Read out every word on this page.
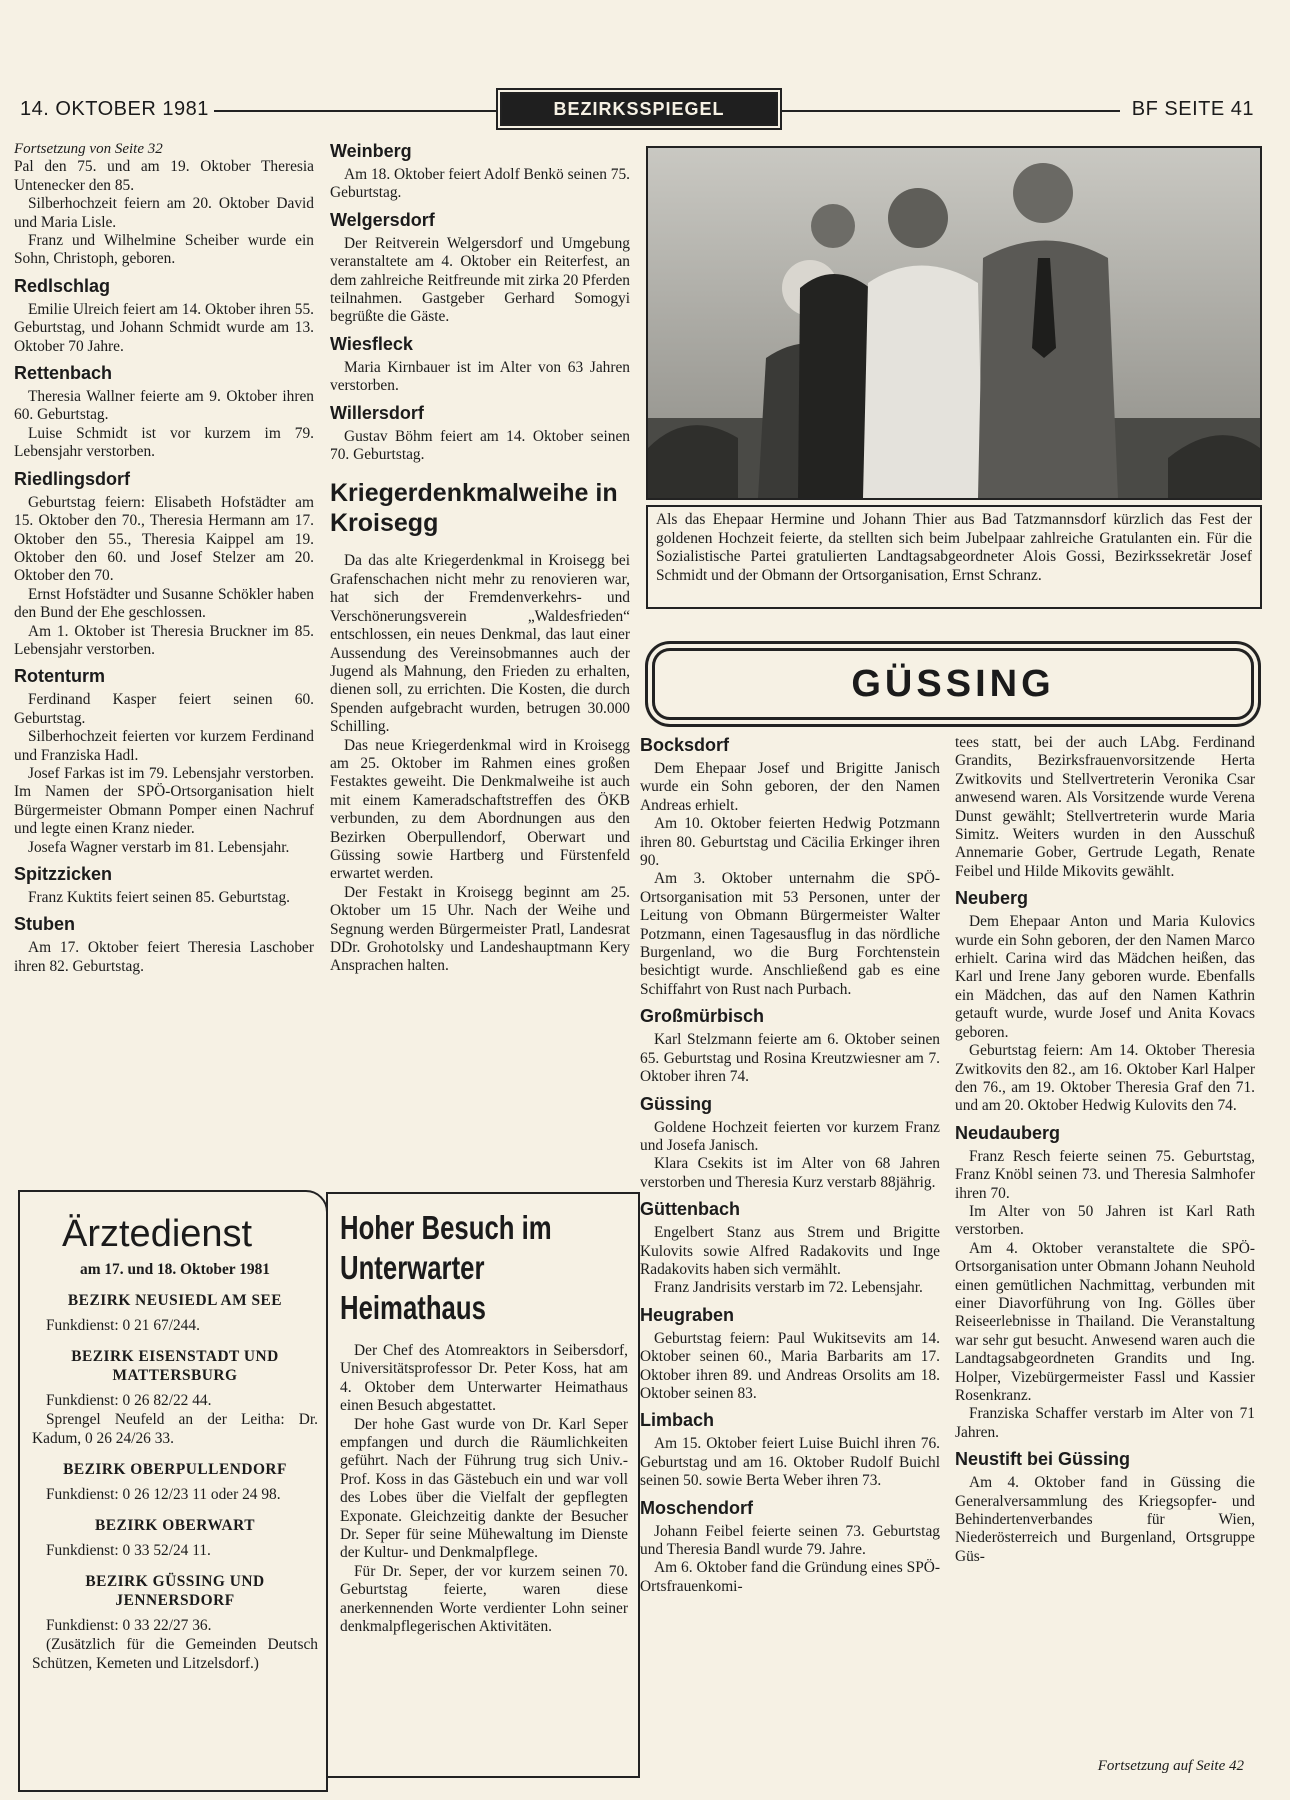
14. OKTOBER 1981	BEZIRKSSPIEGEL	BF SEITE 41

Fortsetzung von Seite 32

Pal den 75. und am 19. Oktober Theresia Untenecker den 85.

Silberhochzeit feiern am 20. Oktober David und Maria Lisle.

Franz und Wilhelmine Scheiber wurde ein Sohn, Christoph, geboren.

Redlschlag

Emilie Ulreich feiert am 14. Oktober ihren 55. Geburtstag, und Johann Schmidt wurde am 13. Oktober 70 Jahre.

Rettenbach

Theresia Wallner feierte am 9. Oktober ihren 60. Geburtstag.

Luise Schmidt ist vor kurzem im 79. Lebensjahr verstorben.

Riedlingsdorf

Geburtstag feiern: Elisabeth Hofstädter am 15. Oktober den 70., Theresia Hermann am 17. Oktober den 55., Theresia Kaippel am 19. Oktober den 60. und Josef Stelzer am 20. Oktober den 70.

Ernst Hofstädter und Susanne Schökler haben den Bund der Ehe geschlossen.

Am 1. Oktober ist Theresia Bruckner im 85. Lebensjahr verstorben.

Rotenturm

Ferdinand Kasper feiert seinen 60. Geburtstag.

Silberhochzeit feierten vor kurzem Ferdinand und Franziska Hadl.

Josef Farkas ist im 79. Lebensjahr verstorben. Im Namen der SPÖ-Ortsorganisation hielt Bürgermeister Obmann Pomper einen Nachruf und legte einen Kranz nieder.

Josefa Wagner verstarb im 81. Lebensjahr.

Spitzzicken

Franz Kuktits feiert seinen 85. Geburtstag.

Stuben

Am 17. Oktober feiert Theresia Laschober ihren 82. Geburtstag.

Ärztedienst
am 17. und 18. Oktober 1981
BEZIRK NEUSIEDL AM SEE

Funkdienst: 0 21 67/244.

BEZIRK EISENSTADT UND MATTERSBURG

Funkdienst: 0 26 82/22 44.

Sprengel Neufeld an der Leitha: Dr. Kadum, 0 26 24/26 33.

BEZIRK OBERPULLENDORF

Funkdienst: 0 26 12/23 11 oder 24 98.

BEZIRK OBERWART

Funkdienst: 0 33 52/24 11.

BEZIRK GÜSSING UND JENNERSDORF

Funkdienst: 0 33 22/27 36.

(Zusätzlich für die Gemeinden Deutsch Schützen, Kemeten und Litzelsdorf.)

Weinberg

Am 18. Oktober feiert Adolf Benkö seinen 75. Geburtstag.

Welgersdorf

Der Reitverein Welgersdorf und Umgebung veranstaltete am 4. Oktober ein Reiterfest, an dem zahlreiche Reitfreunde mit zirka 20 Pferden teilnahmen. Gastgeber Gerhard Somogyi begrüßte die Gäste.

Wiesfleck

Maria Kirnbauer ist im Alter von 63 Jahren verstorben.

Willersdorf

Gustav Böhm feiert am 14. Oktober seinen 70. Geburtstag.

Kriegerdenkmalweihe in Kroisegg

Da das alte Kriegerdenkmal in Kroisegg bei Grafenschachen nicht mehr zu renovieren war, hat sich der Fremdenverkehrs- und Verschönerungsverein „Waldesfrieden“ entschlossen, ein neues Denkmal, das laut einer Aussendung des Vereinsobmannes auch der Jugend als Mahnung, den Frieden zu erhalten, dienen soll, zu errichten. Die Kosten, die durch Spenden aufgebracht wurden, betrugen 30.000 Schilling.

Das neue Kriegerdenkmal wird in Kroisegg am 25. Oktober im Rahmen eines großen Festaktes geweiht. Die Denkmalweihe ist auch mit einem Kameradschaftstreffen des ÖKB verbunden, zu dem Abordnungen aus den Bezirken Oberpullendorf, Oberwart und Güssing sowie Hartberg und Fürstenfeld erwartet werden.

Der Festakt in Kroisegg beginnt am 25. Oktober um 15 Uhr. Nach der Weihe und Segnung werden Bürgermeister Pratl, Landesrat DDr. Grohotolsky und Landeshauptmann Kery Ansprachen halten.

Hoher Besuch im Unterwarter Heimathaus

Der Chef des Atomreaktors in Seibersdorf, Universitätsprofessor Dr. Peter Koss, hat am 4. Oktober dem Unterwarter Heimathaus einen Besuch abgestattet.

Der hohe Gast wurde von Dr. Karl Seper empfangen und durch die Räumlichkeiten geführt. Nach der Führung trug sich Univ.-Prof. Koss in das Gästebuch ein und war voll des Lobes über die Vielfalt der gepflegten Exponate. Gleichzeitig dankte der Besucher Dr. Seper für seine Mühewaltung im Dienste der Kultur- und Denkmalpflege.

Für Dr. Seper, der vor kurzem seinen 70. Geburtstag feierte, waren diese anerkennenden Worte verdienter Lohn seiner denkmalpflegerischen Aktivitäten.

Als das Ehepaar Hermine und Johann Thier aus Bad Tatzmannsdorf kürzlich das Fest der goldenen Hochzeit feierte, da stellten sich beim Jubelpaar zahlreiche Gratulanten ein. Für die Sozialistische Partei gratulierten Landtagsabgeordneter Alois Gossi, Bezirkssekretär Josef Schmidt und der Obmann der Ortsorganisation, Ernst Schranz.
GÜSSING
Bocksdorf

Dem Ehepaar Josef und Brigitte Janisch wurde ein Sohn geboren, der den Namen Andreas erhielt.

Am 10. Oktober feierten Hedwig Potzmann ihren 80. Geburtstag und Cäcilia Erkinger ihren 90.

Am 3. Oktober unternahm die SPÖ-Ortsorganisation mit 53 Personen, unter der Leitung von Obmann Bürgermeister Walter Potzmann, einen Tagesausflug in das nördliche Burgenland, wo die Burg Forchtenstein besichtigt wurde. Anschließend gab es eine Schiffahrt von Rust nach Purbach.

Großmürbisch

Karl Stelzmann feierte am 6. Oktober seinen 65. Geburtstag und Rosina Kreutzwiesner am 7. Oktober ihren 74.

Güssing

Goldene Hochzeit feierten vor kurzem Franz und Josefa Janisch.

Klara Csekits ist im Alter von 68 Jahren verstorben und Theresia Kurz verstarb 88jährig.

Güttenbach

Engelbert Stanz aus Strem und Brigitte Kulovits sowie Alfred Radakovits und Inge Radakovits haben sich vermählt.

Franz Jandrisits verstarb im 72. Lebensjahr.

Heugraben

Geburtstag feiern: Paul Wukitsevits am 14. Oktober seinen 60., Maria Barbarits am 17. Oktober ihren 89. und Andreas Orsolits am 18. Oktober seinen 83.

Limbach

Am 15. Oktober feiert Luise Buichl ihren 76. Geburtstag und am 16. Oktober Rudolf Buichl seinen 50. sowie Berta Weber ihren 73.

Moschendorf

Johann Feibel feierte seinen 73. Geburtstag und Theresia Bandl wurde 79. Jahre.

Am 6. Oktober fand die Gründung eines SPÖ-Ortsfrauenkomi-

tees statt, bei der auch LAbg. Ferdinand Grandits, Bezirksfrauenvorsitzende Herta Zwitkovits und Stellvertreterin Veronika Csar anwesend waren. Als Vorsitzende wurde Verena Dunst gewählt; Stellvertreterin wurde Maria Simitz. Weiters wurden in den Ausschuß Annemarie Gober, Gertrude Legath, Renate Feibel und Hilde Mikovits gewählt.

Neuberg

Dem Ehepaar Anton und Maria Kulovics wurde ein Sohn geboren, der den Namen Marco erhielt. Carina wird das Mädchen heißen, das Karl und Irene Jany geboren wurde. Ebenfalls ein Mädchen, das auf den Namen Kathrin getauft wurde, wurde Josef und Anita Kovacs geboren.

Geburtstag feiern: Am 14. Oktober Theresia Zwitkovits den 82., am 16. Oktober Karl Halper den 76., am 19. Oktober Theresia Graf den 71. und am 20. Oktober Hedwig Kulovits den 74.

Neudauberg

Franz Resch feierte seinen 75. Geburtstag, Franz Knöbl seinen 73. und Theresia Salmhofer ihren 70.

Im Alter von 50 Jahren ist Karl Rath verstorben.

Am 4. Oktober veranstaltete die SPÖ-Ortsorganisation unter Obmann Johann Neuhold einen gemütlichen Nachmittag, verbunden mit einer Diavorführung von Ing. Gölles über Reiseerlebnisse in Thailand. Die Veranstaltung war sehr gut besucht. Anwesend waren auch die Landtagsabgeordneten Grandits und Ing. Holper, Vizebürgermeister Fassl und Kassier Rosenkranz.

Franziska Schaffer verstarb im Alter von 71 Jahren.

Neustift bei Güssing

Am 4. Oktober fand in Güssing die Generalversammlung des Kriegsopfer- und Behindertenverbandes für Wien, Niederösterreich und Burgenland, Ortsgruppe Güs-

Fortsetzung auf Seite 42
